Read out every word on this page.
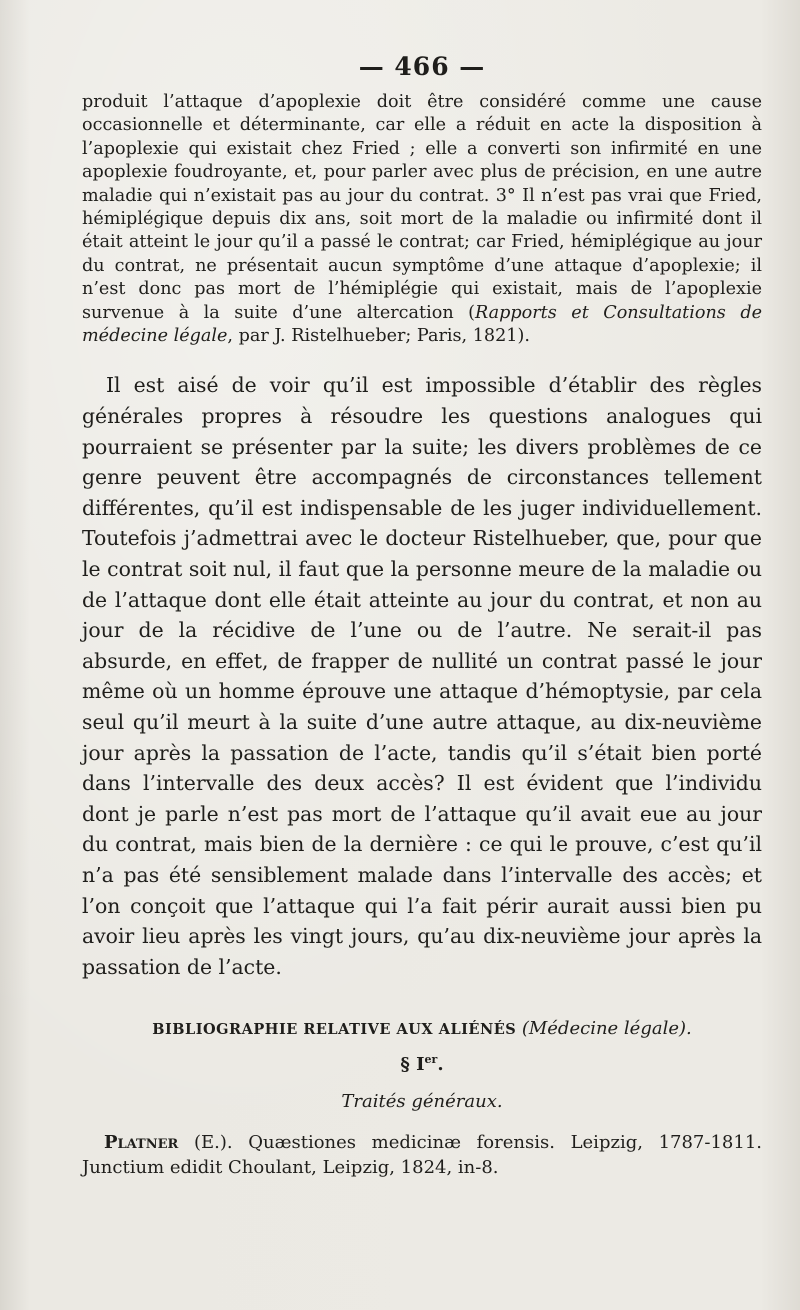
— 466 —

produit l’attaque d’apoplexie doit être considéré comme une cause occasionnelle et déterminante, car elle a réduit en acte la disposition à l’apoplexie qui existait chez Fried ; elle a converti son infirmité en une apoplexie foudroyante, et, pour parler avec plus de précision, en une autre maladie qui n’existait pas au jour du contrat. 3° Il n’est pas vrai que Fried, hémiplégique depuis dix ans, soit mort de la maladie ou infirmité dont il était atteint le jour qu’il a passé le contrat; car Fried, hémiplégique au jour du contrat, ne présentait aucun symptôme d’une attaque d’apoplexie; il n’est donc pas mort de l’hémiplégie qui existait, mais de l’apoplexie survenue à la suite d’une altercation (Rapports et Consultations de médecine légale, par J. Ristelhueber; Paris, 1821).

Il est aisé de voir qu’il est impossible d’établir des règles générales propres à résoudre les questions analogues qui pourraient se présenter par la suite; les divers problèmes de ce genre peuvent être accompagnés de circonstances tellement différentes, qu’il est indispensable de les juger individuellement. Toutefois j’admettrai avec le docteur Ristelhueber, que, pour que le contrat soit nul, il faut que la personne meure de la maladie ou de l’attaque dont elle était atteinte au jour du contrat, et non au jour de la récidive de l’une ou de l’autre. Ne serait-il pas absurde, en effet, de frapper de nullité un contrat passé le jour même où un homme éprouve une attaque d’hémoptysie, par cela seul qu’il meurt à la suite d’une autre attaque, au dix-neuvième jour après la passation de l’acte, tandis qu’il s’était bien porté dans l’intervalle des deux accès? Il est évident que l’individu dont je parle n’est pas mort de l’attaque qu’il avait eue au jour du contrat, mais bien de la dernière : ce qui le prouve, c’est qu’il n’a pas été sensiblement malade dans l’intervalle des accès; et l’on conçoit que l’attaque qui l’a fait périr aurait aussi bien pu avoir lieu après les vingt jours, qu’au dix-neuvième jour après la passation de l’acte.

BIBLIOGRAPHIE RELATIVE AUX ALIÉNÉS (Médecine légale).
§ Ier.
Traités généraux.

Platner (E.). Quæstiones medicinæ forensis. Leipzig, 1787-1811. Junctium edidit Choulant, Leipzig, 1824, in-8.
